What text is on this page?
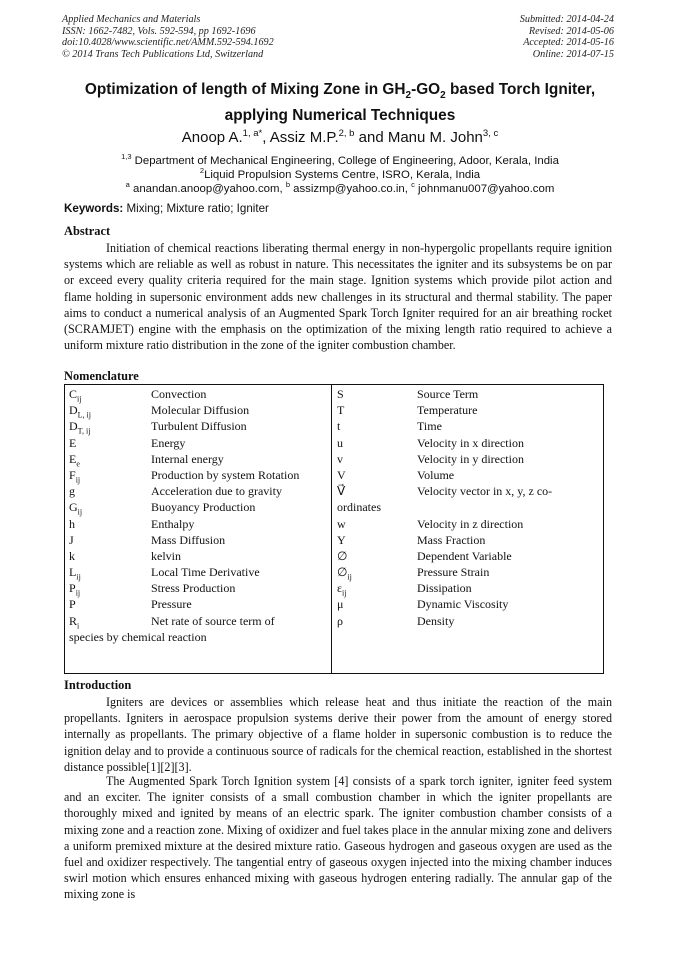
Applied Mechanics and Materials
ISSN: 1662-7482, Vols. 592-594, pp 1692-1696
doi:10.4028/www.scientific.net/AMM.592-594.1692
© 2014 Trans Tech Publications Ltd, Switzerland
Submitted: 2014-04-24
Revised: 2014-05-06
Accepted: 2014-05-16
Online: 2014-07-15
Optimization of length of Mixing Zone in $GH_2-GO_2$ based Torch Igniter,
applying Numerical Techniques
Anoop A.$^{1, a*}$, Assiz M.P.$^{2, b}$ and Manu M. John$^{3, c}$
$^{1,3}$ Department of Mechanical Engineering, College of Engineering, Adoor, Kerala, India
$^2$Liquid Propulsion Systems Centre, ISRO, Kerala, India
$^a$ anandan.anoop@yahoo.com, $^b$ assizmp@yahoo.co.in, $^c$ johnmanu007@yahoo.com
Keywords: Mixing; Mixture ratio; Igniter
Abstract
Initiation of chemical reactions liberating thermal energy in non-hypergolic propellants require ignition systems which are reliable as well as robust in nature. This necessitates the igniter and its subsystems be on par or exceed every quality criteria required for the main stage. Ignition systems which provide pilot action and flame holding in supersonic environment adds new challenges in its structural and thermal stability. The paper aims to conduct a numerical analysis of an Augmented Spark Torch Igniter required for an air breathing rocket (SCRAMJET) engine with the emphasis on the optimization of the mixing length ratio required to achieve a uniform mixture ratio distribution in the zone of the igniter combustion chamber.
Nomenclature
$C_{ij}$	Convection
$D_{L, ij}$	Molecular Diffusion
$D_{T, ij}$	Turbulent Diffusion
E	Energy
$E_e$	Internal energy
$F_{ij}$	Production by system Rotation
g	Acceleration due to gravity
$G_{ij}$	Buoyancy Production
h	Enthalpy
J	Mass Diffusion
k	kelvin
$L_{ij}$	Local Time Derivative
$P_{ij}$	Stress Production
P	Pressure
$R_i$	Net rate of source term of
species by chemical reaction
S	Source Term
T	Temperature
t	Time
u	Velocity in x direction
v	Velocity in y direction
V	Volume
V⃗	Velocity vector in x, y, z co-
ordinates
w	Velocity in z direction
Y	Mass Fraction
∅	Dependent Variable
$\emptyset_{ij}$	Pressure Strain
$\varepsilon_{ij}$	Dissipation
μ	Dynamic Viscosity
ρ	Density
Introduction
Igniters are devices or assemblies which release heat and thus initiate the reaction of the main propellants. Igniters in aerospace propulsion systems derive their power from the amount of energy stored internally as propellants. The primary objective of a flame holder in supersonic combustion is to reduce the ignition delay and to provide a continuous source of radicals for the chemical reaction, established in the shortest distance possible[1][2][3].
The Augmented Spark Torch Ignition system [4] consists of a spark torch igniter, igniter feed system and an exciter. The igniter consists of a small combustion chamber in which the igniter propellants are thoroughly mixed and ignited by means of an electric spark. The igniter combustion chamber consists of a mixing zone and a reaction zone. Mixing of oxidizer and fuel takes place in the annular mixing zone and delivers a uniform premixed mixture at the desired mixture ratio. Gaseous hydrogen and gaseous oxygen are used as the fuel and oxidizer respectively. The tangential entry of gaseous oxygen injected into the mixing chamber induces swirl motion which ensures enhanced mixing with gaseous hydrogen entering radially. The annular gap of the mixing zone is
